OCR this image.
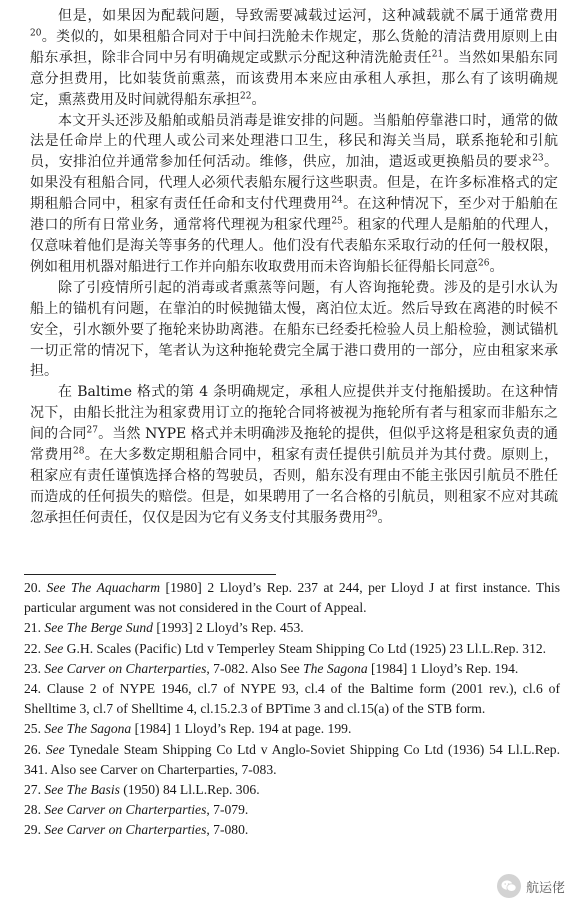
但是，如果因为配载问题，导致需要减载过运河，这种减载就不属于通常费用$^{20}$。类似的，如果租船合同对于中间扫洗舱未作规定，那么货舱的清洁费用原则上由船东承担，除非合同中另有明确规定或默示分配这种清洗舱责任$^{21}$。当然如果船东同意分担费用，比如装货前熏蒸，而该费用本来应由承租人承担，那么有了该明确规定，熏蒸费用及时间就得船东承担$^{22}$。

本文开头还涉及船舶或船员消毒是谁安排的问题。当船舶停靠港口时，通常的做法是任命岸上的代理人或公司来处理港口卫生，移民和海关当局，联系拖轮和引航员，安排泊位并通常参加任何活动。维修，供应，加油，遣返或更换船员的要求$^{23}$。如果没有租船合同，代理人必须代表船东履行这些职责。但是，在许多标准格式的定期租船合同中，租家有责任任命和支付代理费用$^{24}$。在这种情况下，至少对于船舶在港口的所有日常业务，通常将代理视为租家代理$^{25}$。租家的代理人是船舶的代理人，仅意味着他们是海关等事务的代理人。他们没有代表船东采取行动的任何一般权限，例如租用机器对船进行工作并向船东收取费用而未咨询船长征得船长同意$^{26}$。

除了引疫情所引起的消毒或者熏蒸等问题，有人咨询拖轮费。涉及的是引水认为船上的锚机有问题，在靠泊的时候抛锚太慢，离泊位太近。然后导致在离港的时候不安全，引水额外要了拖轮来协助离港。在船东已经委托检验人员上船检验，测试锚机一切正常的情况下，笔者认为这种拖轮费完全属于港口费用的一部分，应由租家来承担。

在 Baltime 格式的第 4 条明确规定，承租人应提供并支付拖船援助。在这种情况下，由船长批注为租家费用订立的拖轮合同将被视为拖轮所有者与租家而非船东之间的合同$^{27}$。当然 NYPE 格式并未明确涉及拖轮的提供，但似乎这将是租家负责的通常费用$^{28}$。在大多数定期租船合同中，租家有责任提供引航员并为其付费。原则上，租家应有责任谨慎选择合格的驾驶员，否则，船东没有理由不能主张因引航员不胜任而造成的任何损失的赔偿。但是，如果聘用了一名合格的引航员，则租家不应对其疏忽承担任何责任，仅仅是因为它有义务支付其服务费用$^{29}$。

20. See The Aquacharm [1980] 2 Lloyd’s Rep. 237 at 244, per Lloyd J at first instance. This particular argument was not considered in the Court of Appeal.

21. See The Berge Sund [1993] 2 Lloyd’s Rep. 453.

22. See G.H. Scales (Pacific) Ltd v Temperley Steam Shipping Co Ltd (1925) 23 Ll.L.Rep. 312.

23. See Carver on Charterparties, 7-082. Also See The Sagona [1984] 1 Lloyd’s Rep. 194.

24. Clause 2 of NYPE 1946, cl.7 of NYPE 93, cl.4 of the Baltime form (2001 rev.), cl.6 of Shelltime 3, cl.7 of Shelltime 4, cl.15.2.3 of BPTime 3 and cl.15(a) of the STB form.

25. See The Sagona [1984] 1 Lloyd’s Rep. 194 at page. 199.

26. See Tynedale Steam Shipping Co Ltd v Anglo-Soviet Shipping Co Ltd (1936) 54 Ll.L.Rep. 341. Also see Carver on Charterparties, 7-083.

27. See The Basis (1950) 84 Ll.L.Rep. 306.

28. See Carver on Charterparties, 7-079.

29. See Carver on Charterparties, 7-080.

航运佬
